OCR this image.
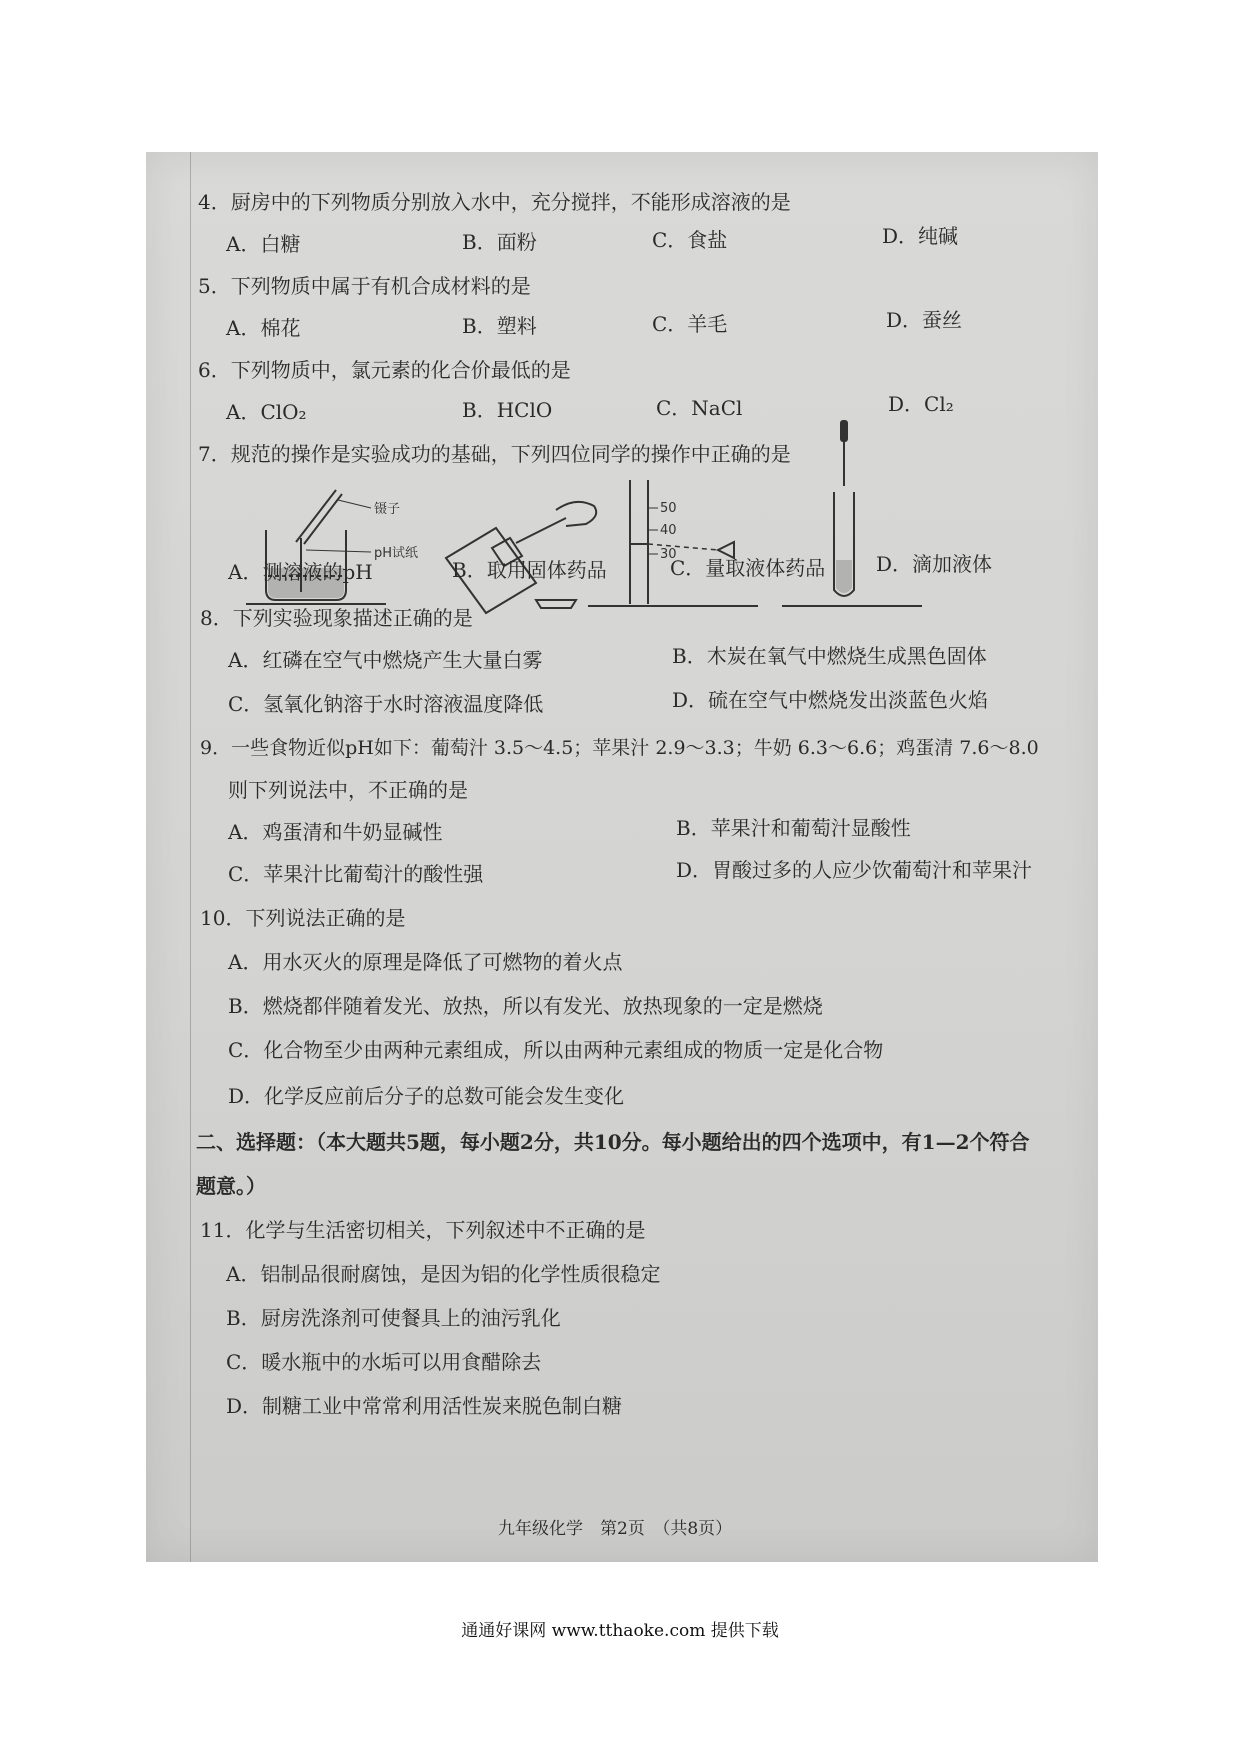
4．厨房中的下列物质分别放入水中，充分搅拌，不能形成溶液的是
A．白糖	B．面粉	C．食盐	D．纯碱
5．下列物质中属于有机合成材料的是
A．棉花	B．塑料	C．羊毛	D．蚕丝
6．下列物质中，氯元素的化合价最低的是
A．ClO₂	B．HClO	C．NaCl	D．Cl₂
7．规范的操作是实验成功的基础，下列四位同学的操作中正确的是
镊子
pH试纸
50
40
30
A．测溶液的pH	B．取用固体药品	C．量取液体药品	D．滴加液体
8．下列实验现象描述正确的是
A．红磷在空气中燃烧产生大量白雾	B．木炭在氧气中燃烧生成黑色固体
C．氢氧化钠溶于水时溶液温度降低	D．硫在空气中燃烧发出淡蓝色火焰
9．一些食物近似pH如下：葡萄汁 3.5～4.5；苹果汁 2.9～3.3；牛奶 6.3～6.6；鸡蛋清 7.6～8.0
则下列说法中，不正确的是
A．鸡蛋清和牛奶显碱性	B．苹果汁和葡萄汁显酸性
C．苹果汁比葡萄汁的酸性强	D．胃酸过多的人应少饮葡萄汁和苹果汁
10．下列说法正确的是
A．用水灭火的原理是降低了可燃物的着火点
B．燃烧都伴随着发光、放热，所以有发光、放热现象的一定是燃烧
C．化合物至少由两种元素组成，所以由两种元素组成的物质一定是化合物
D．化学反应前后分子的总数可能会发生变化
二、选择题：（本大题共5题，每小题2分，共10分。每小题给出的四个选项中，有1—2个符合
题意。）
11．化学与生活密切相关，下列叙述中不正确的是
A．铝制品很耐腐蚀，是因为铝的化学性质很稳定
B．厨房洗涤剂可使餐具上的油污乳化
C．暖水瓶中的水垢可以用食醋除去
D．制糖工业中常常利用活性炭来脱色制白糖
九年级化学　第2页　（共8页）
通通好课网 www.tthaoke.com 提供下载
